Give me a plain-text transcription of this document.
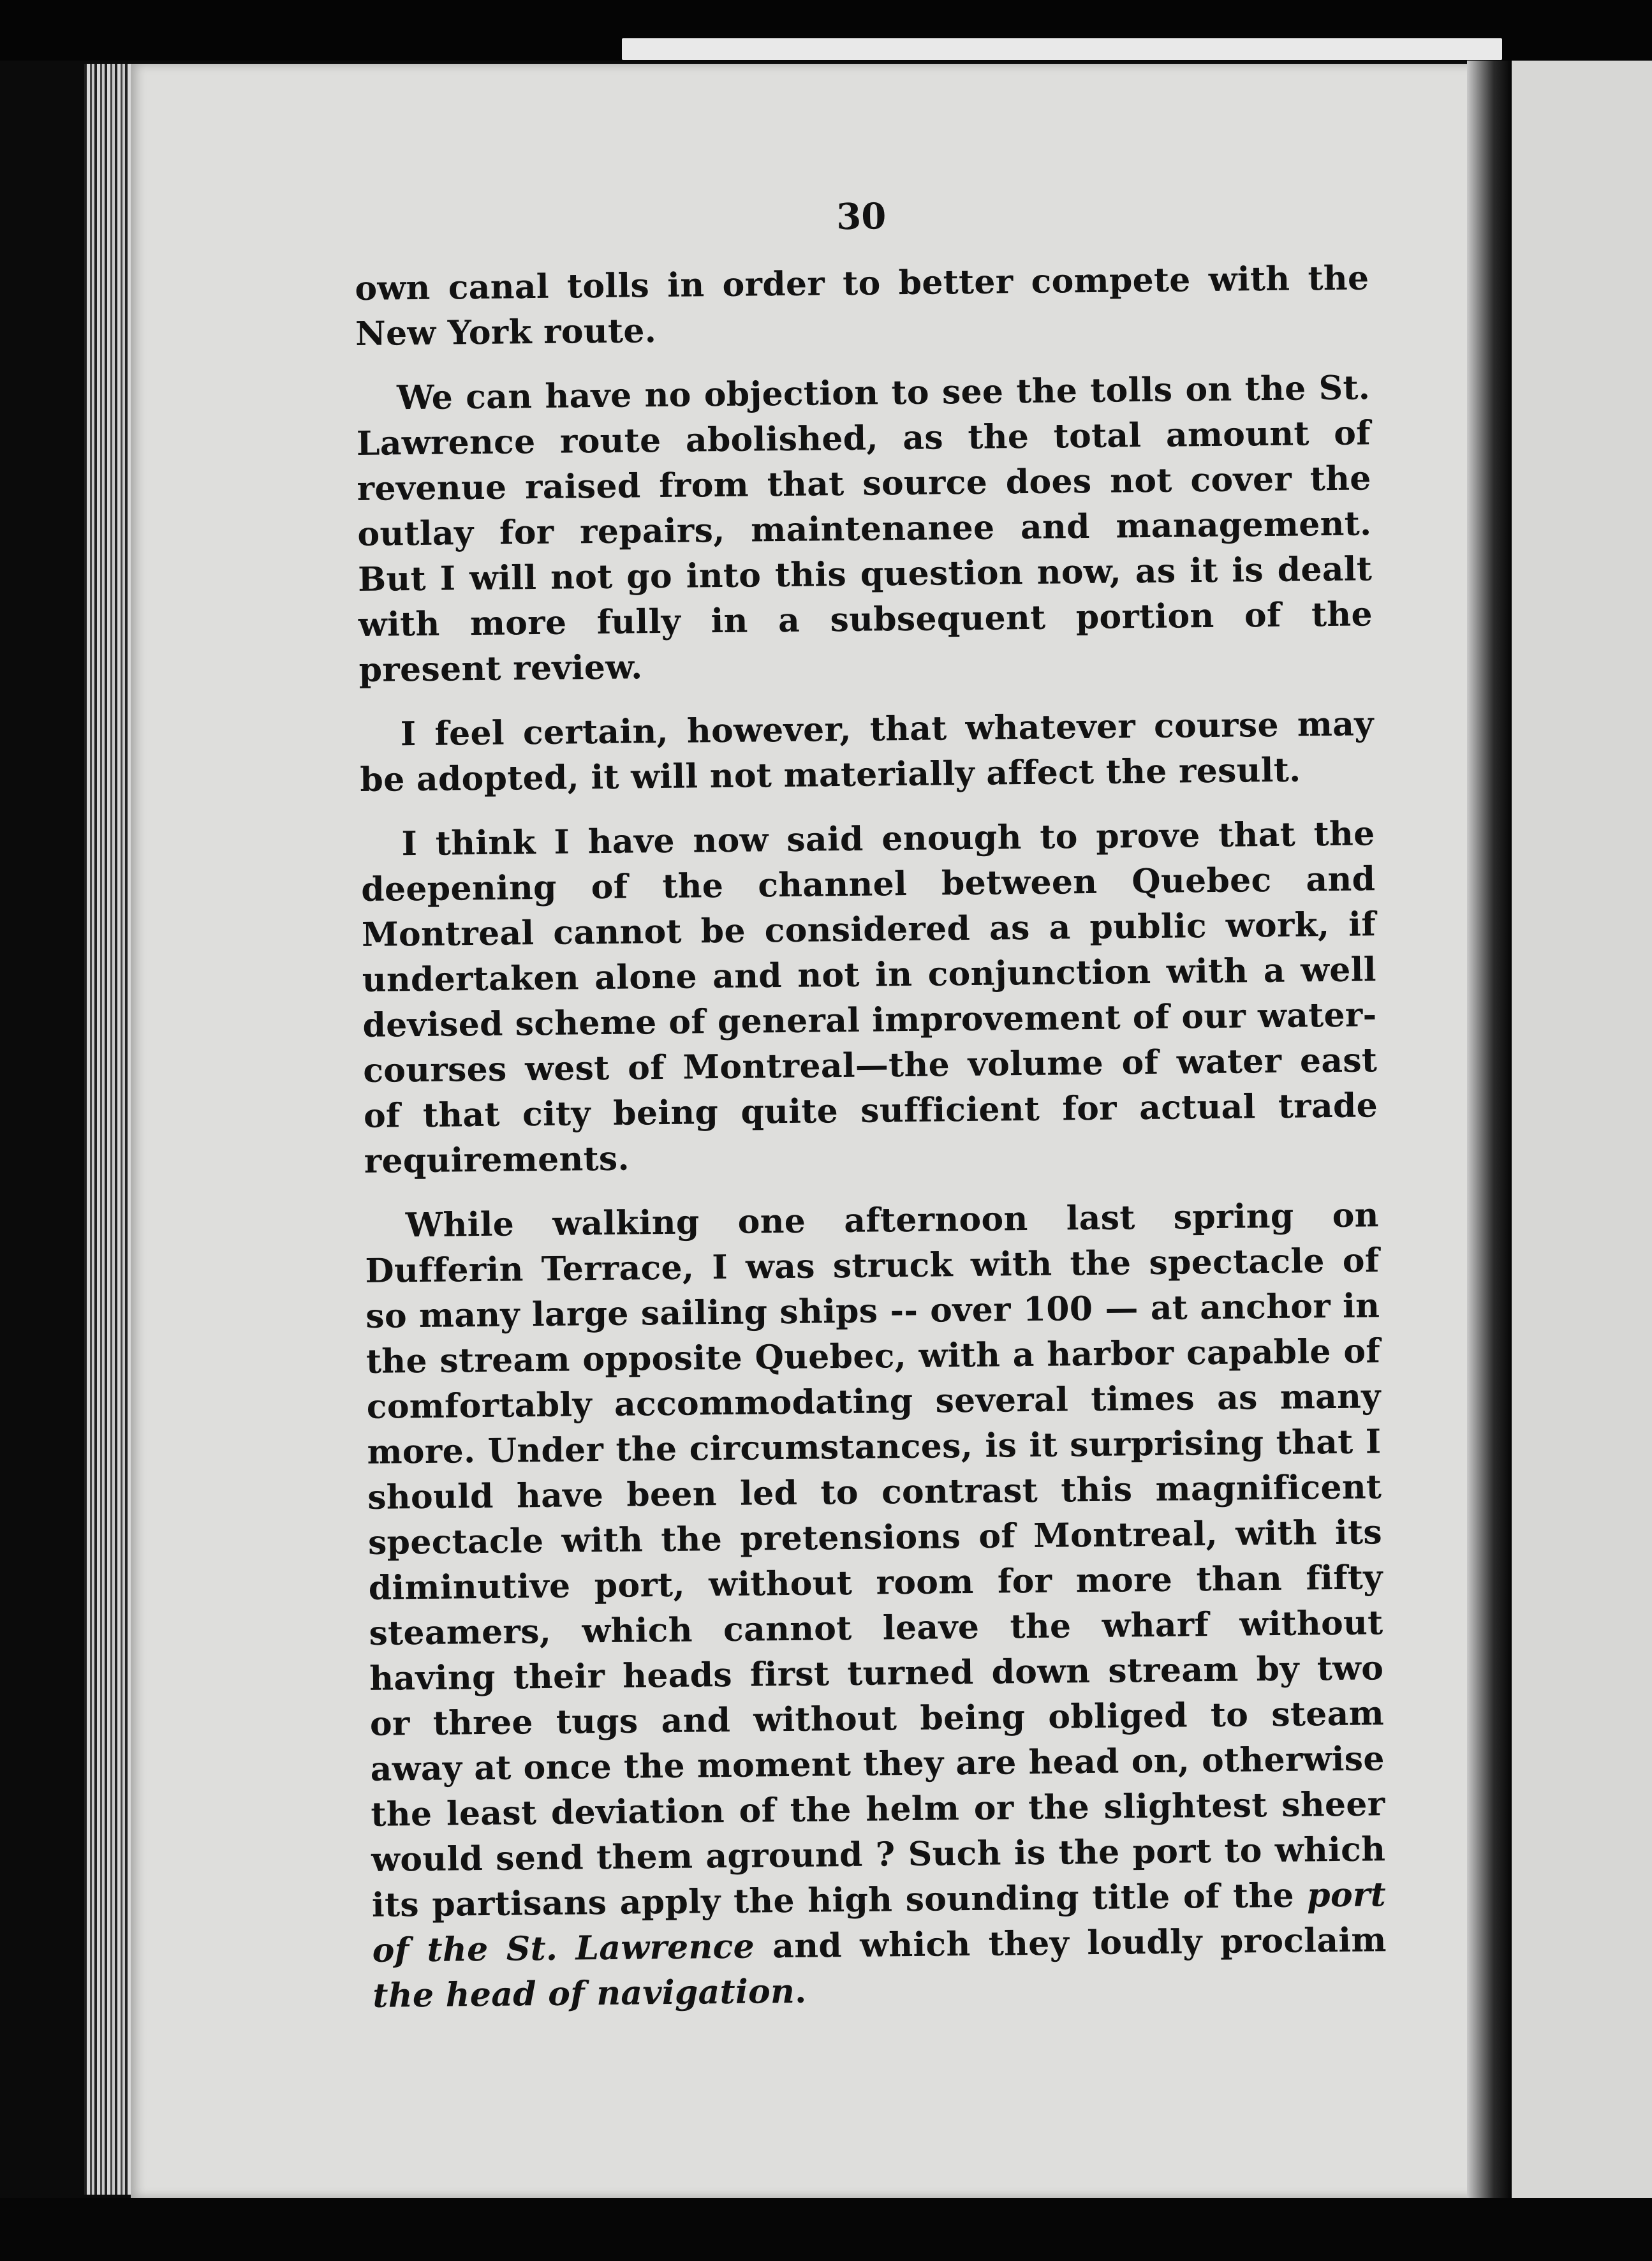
30

own canal tolls in order to better compete with the New York route.

We can have no objection to see the tolls on the St. Lawrence route abolished, as the total amount of revenue raised from that source does not cover the outlay for repairs, maintenanee and management. But I will not go into this question now, as it is dealt with more fully in a subsequent portion of the present review.

I feel certain, however, that whatever course may be adopted, it will not materially affect the result.

I think I have now said enough to prove that the deepening of the channel between Quebec and Montreal cannot be considered as a public work, if undertaken alone and not in conjunction with a well devised scheme of general improvement of our water-courses west of Montreal—the volume of water east of that city being quite sufficient for actual trade requirements.

While walking one afternoon last spring on Dufferin Terrace, I was struck with the spectacle of so many large sailing ships -- over 100 — at anchor in the stream opposite Quebec, with a harbor capable of comfortably accommodating several times as many more. Under the circumstances, is it surprising that I should have been led to contrast this magnificent spectacle with the pretensions of Montreal, with its diminutive port, without room for more than fifty steamers, which cannot leave the wharf without having their heads first turned down stream by two or three tugs and without being obliged to steam away at once the moment they are head on, otherwise the least deviation of the helm or the slightest sheer would send them aground ? Such is the port to which its partisans apply the high sounding title of the port of the St. Lawrence and which they loudly proclaim the head of navigation.
